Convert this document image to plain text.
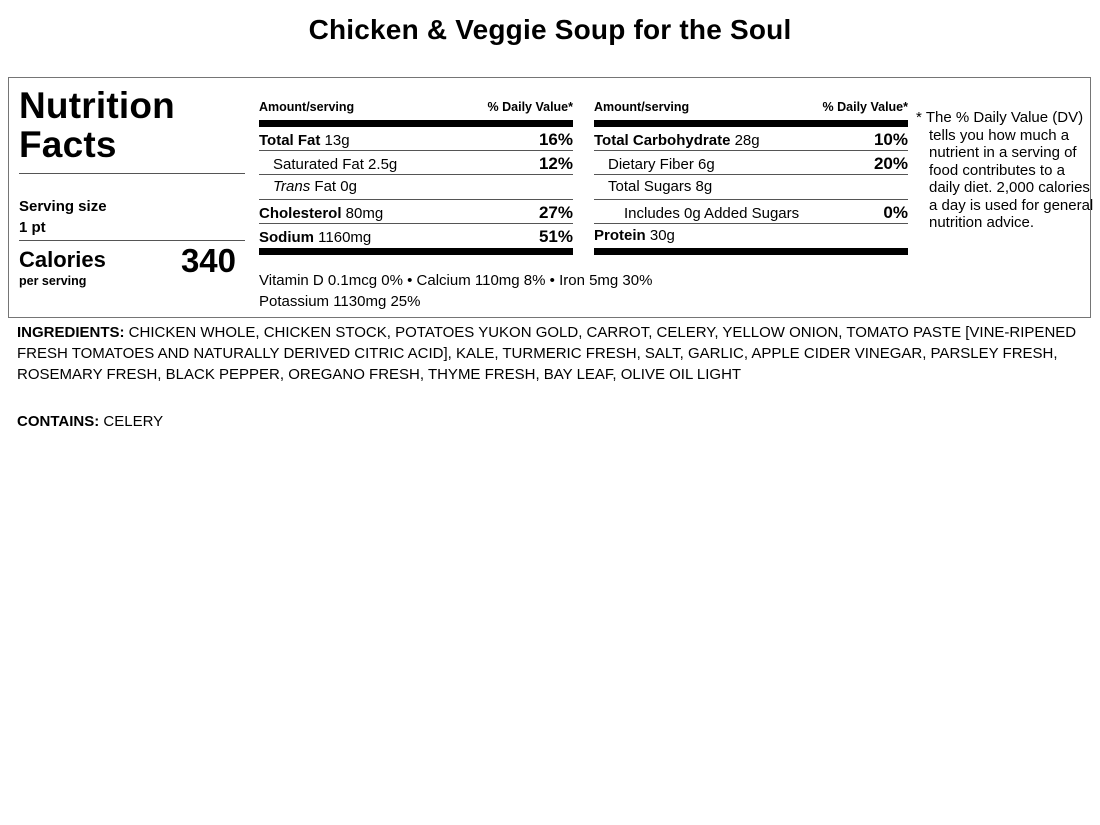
Chicken & Veggie Soup for the Soul
Nutrition
Facts
Serving size
1 pt
Calories
per serving
340
Amount/serving	% Daily Value*
Total Fat 13g	16%
Saturated Fat 2.5g	12%
Trans Fat 0g
Cholesterol 80mg	27%
Sodium 1160mg	51%
Amount/serving	% Daily Value*
Total Carbohydrate 28g	10%
Dietary Fiber 6g	20%
Total Sugars 8g
Includes 0g Added Sugars	0%
Protein 30g
Vitamin D 0.1mcg 0% • Calcium 110mg 8% • Iron 5mg 30%
Potassium 1130mg 25%
* The % Daily Value (DV) tells you how much a nutrient in a serving of food contributes to a daily diet. 2,000 calories a day is used for general nutrition advice.
INGREDIENTS: CHICKEN WHOLE, CHICKEN STOCK, POTATOES YUKON GOLD, CARROT, CELERY, YELLOW ONION, TOMATO PASTE [VINE-RIPENED FRESH TOMATOES AND NATURALLY DERIVED CITRIC ACID], KALE, TURMERIC FRESH, SALT, GARLIC, APPLE CIDER VINEGAR, PARSLEY FRESH, ROSEMARY FRESH, BLACK PEPPER, OREGANO FRESH, THYME FRESH, BAY LEAF, OLIVE OIL LIGHT
CONTAINS: CELERY
